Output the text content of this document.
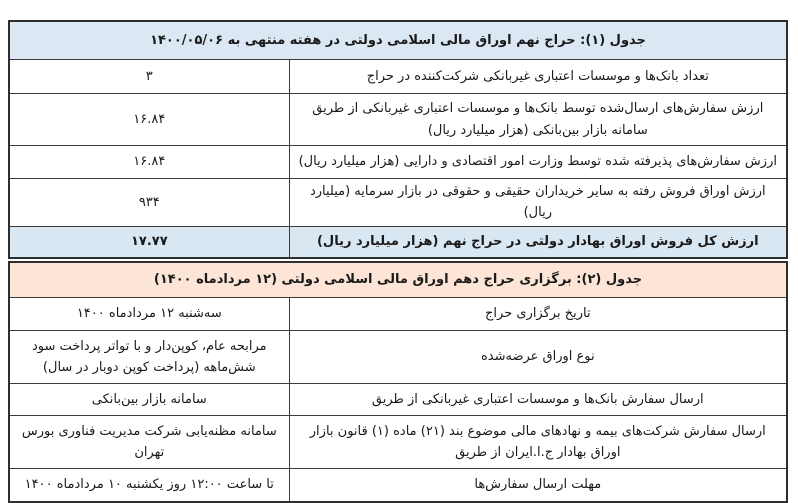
جدول (۱): حراج نهم اوراق مالی اسلامی دولتی در هفته منتهی به ۱۴۰۰/۰۵/۰۶	
تعداد بانک‌ها و موسسات اعتباری غیربانکی شرکت‌کننده در حراج	۳
ارزش سفارش‌های ارسال‌شده توسط بانک‌ها و موسسات اعتباری غیربانکی از طریق سامانه بازار بین‌بانکی (هزار میلیارد ریال)	۱۶.۸۴
ارزش سفارش‌های پذیرفته شده توسط وزارت امور اقتصادی و دارایی (هزار میلیارد ریال)	۱۶.۸۴
ارزش اوراق فروش رفته به سایر خریداران حقیقی و حقوقی در بازار سرمایه (میلیارد ریال)	۹۳۴
ارزش کل فروش اوراق بهادار دولتی در حراج نهم (هزار میلیارد ریال)	۱۷.۷۷
جدول (۲): برگزاری حراج دهم اوراق مالی اسلامی دولتی (۱۲ مردادماه ۱۴۰۰)	
تاریخ برگزاری حراج	سه‌شنبه ۱۲ مردادماه ۱۴۰۰
نوع اوراق عرضه‌شده	مرابحه عام، کوپن‌دار و با تواتر پرداخت سود شش‌ماهه (پرداخت کوپن دوبار در سال)
ارسال سفارش بانک‌ها و موسسات اعتباری غیربانکی از طریق	سامانه بازار بین‌بانکی
ارسال سفارش شرکت‌های بیمه و نهادهای مالی موضوع بند (۲۱) ماده (۱) قانون بازار اوراق بهادار ج.ا.ایران از طریق	سامانه مظنه‌یابی شرکت مدیریت فناوری بورس تهران
مهلت ارسال سفارش‌ها	تا ساعت ۱۲:۰۰ روز یکشنبه ۱۰ مردادماه ۱۴۰۰
